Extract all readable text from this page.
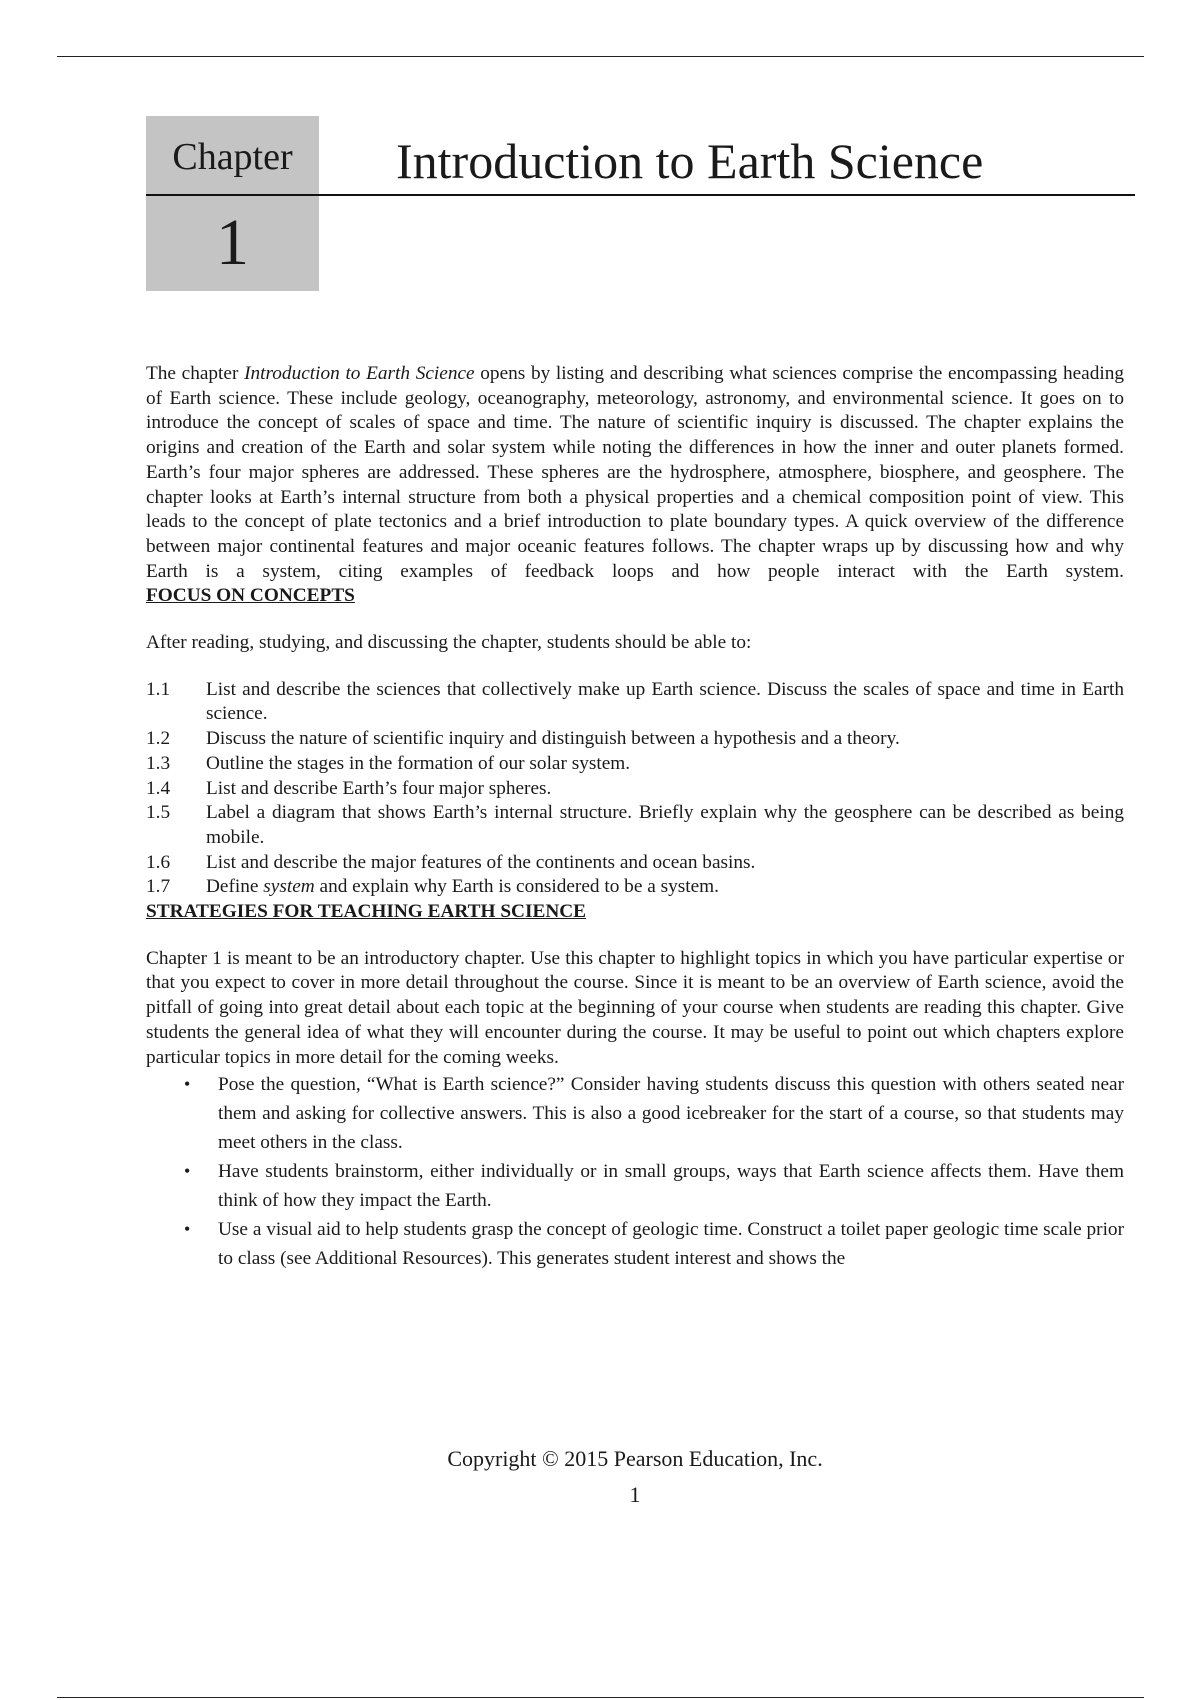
Chapter
1
Introduction to Earth Science

The chapter Introduction to Earth Science opens by listing and describing what sciences comprise the encompassing heading of Earth science. These include geology, oceanography, meteorology, astronomy, and environmental science. It goes on to introduce the concept of scales of space and time. The nature of scientific inquiry is discussed. The chapter explains the origins and creation of the Earth and solar system while noting the differences in how the inner and outer planets formed. Earth’s four major spheres are addressed. These spheres are the hydrosphere, atmosphere, biosphere, and geosphere. The chapter looks at Earth’s internal structure from both a physical properties and a chemical composition point of view. This leads to the concept of plate tectonics and a brief introduction to plate boundary types. A quick overview of the difference between major continental features and major oceanic features follows. The chapter wraps up by discussing how and why Earth is a system, citing examples of feedback loops and how people interact with the Earth system.

FOCUS ON CONCEPTS

After reading, studying, and discussing the chapter, students should be able to:

1.1 List and describe the sciences that collectively make up Earth science. Discuss the scales of space and time in Earth science.
1.2 Discuss the nature of scientific inquiry and distinguish between a hypothesis and a theory.
1.3 Outline the stages in the formation of our solar system.
1.4 List and describe Earth’s four major spheres.
1.5 Label a diagram that shows Earth’s internal structure. Briefly explain why the geosphere can be described as being mobile.
1.6 List and describe the major features of the continents and ocean basins.
1.7 Define system and explain why Earth is considered to be a system.

STRATEGIES FOR TEACHING EARTH SCIENCE

Chapter 1 is meant to be an introductory chapter. Use this chapter to highlight topics in which you have particular expertise or that you expect to cover in more detail throughout the course. Since it is meant to be an overview of Earth science, avoid the pitfall of going into great detail about each topic at the beginning of your course when students are reading this chapter. Give students the general idea of what they will encounter during the course. It may be useful to point out which chapters explore particular topics in more detail for the coming weeks.

• Pose the question, “What is Earth science?” Consider having students discuss this question with others seated near them and asking for collective answers. This is also a good icebreaker for the start of a course, so that students may meet others in the class.
• Have students brainstorm, either individually or in small groups, ways that Earth science affects them. Have them think of how they impact the Earth.
• Use a visual aid to help students grasp the concept of geologic time. Construct a toilet paper geologic time scale prior to class (see Additional Resources). This generates student interest and shows the
Copyright © 2015 Pearson Education, Inc.
1
